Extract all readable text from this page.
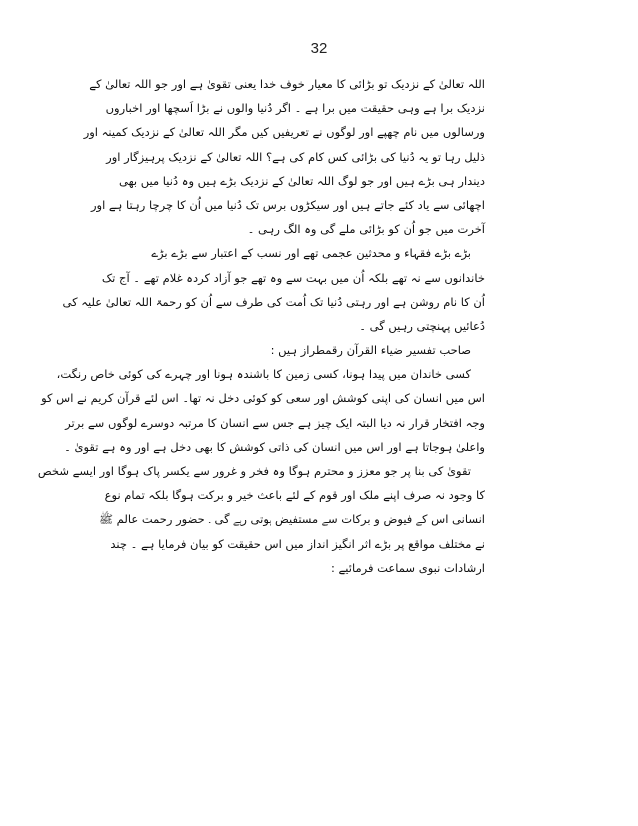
32
اللہ تعالیٰ کے نزدیک تو بڑائی کا معیار خوف خدا یعنی تقویٰ ہے اور جو اللہ تعالیٰ کے
نزدیک برا ہے وہی حقیقت میں برا ہے ۔ اگر دُنیا والوں نے بڑا اَسچھا اور اخباروں
ورسالوں میں نام چھپے اور لوگوں نے تعریفیں کیں مگر اللہ تعالیٰ کے نزدیک کمینہ اور
ذلیل رہا تو یہ دُنیا کی بڑائی کس کام کی ہے؟ اللہ تعالیٰ کے نزدیک پرہیزگار اور
دیندار ہی بڑے ہیں اور جو لوگ اللہ تعالیٰ کے نزدیک بڑے ہیں وہ دُنیا میں بھی
اچھائی سے یاد کئے جاتے ہیں اور سیکڑوں برس تک دُنیا میں اُن کا چرچا رہتا ہے اور
آخرت میں جو اُن کو بڑائی ملے گی وہ الگ رہی ۔
بڑے بڑے فقہاء و محدثین عجمی تھے اور نسب کے اعتبار سے بڑے بڑے
خاندانوں سے نہ تھے بلکہ اُن میں بہت سے وہ تھے جو آزاد کردہ غلام تھے ۔ آج تک
اُن کا نام روشن ہے اور رہتی دُنیا تک اُمت کی طرف سے اُن کو رحمۃ اللہ تعالیٰ علیہ کی
دُعائیں پہنچتی رہیں گی ۔
صاحب تفسیر ضیاء القرآن رقمطراز ہیں :
کسی خاندان میں پیدا ہونا، کسی زمین کا باشندہ ہونا اور چہرے کی کوئی خاص رنگت،
اس میں انسان کی اپنی کوشش اور سعی کو کوئی دخل نہ تھا۔ اس لئے قرآن کریم نے اس کو
وجہ افتخار قرار نہ دیا البتہ ایک چیز ہے جس سے انسان کا مرتبہ دوسرے لوگوں سے برتر
واعلیٰ ہوجاتا ہے اور اس میں انسان کی ذاتی کوشش کا بھی دخل ہے اور وہ ہے تقویٰ ۔
تقویٰ کی بنا پر جو معزز و محترم ہوگا وہ فخر و غرور سے یکسر پاک ہوگا اور ایسے شخص
کا وجود نہ صرف اپنے ملک اور قوم کے لئے باعث خیر و برکت ہوگا بلکہ تمام نوع
انسانی اس کے فیوض و برکات سے مستفیض ہوتی رہے گی ۔ حضور رحمت عالم ﷺ
نے مختلف مواقع پر بڑے اثر انگیز انداز میں اس حقیقت کو بیان فرمایا ہے ۔ چند
ارشادات نبوی سماعت فرمائیے :
